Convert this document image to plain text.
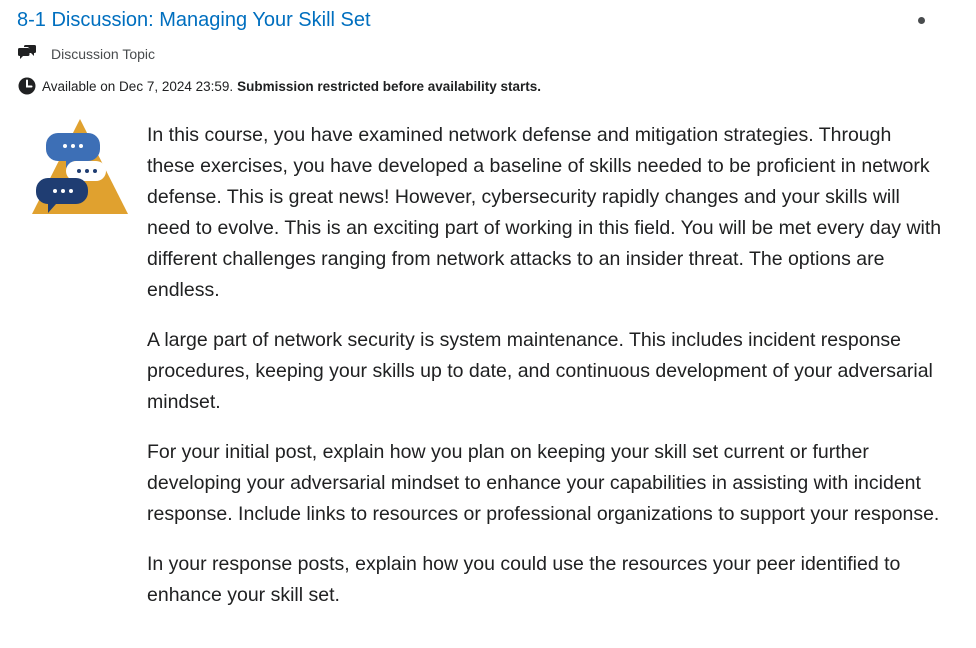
8-1 Discussion: Managing Your Skill Set
Discussion Topic
Available on Dec 7, 2024 23:59. Submission restricted before availability starts.

In this course, you have examined network defense and mitigation strategies. Through these exercises, you have developed a baseline of skills needed to be proficient in network defense. This is great news! However, cybersecurity rapidly changes and your skills will need to evolve. This is an exciting part of working in this field. You will be met every day with different challenges ranging from network attacks to an insider threat. The options are endless.

A large part of network security is system maintenance. This includes incident response procedures, keeping your skills up to date, and continuous development of your adversarial mindset.

For your initial post, explain how you plan on keeping your skill set current or further developing your adversarial mindset to enhance your capabilities in assisting with incident response. Include links to resources or professional organizations to support your response.

In your response posts, explain how you could use the resources your peer identified to enhance your skill set.
